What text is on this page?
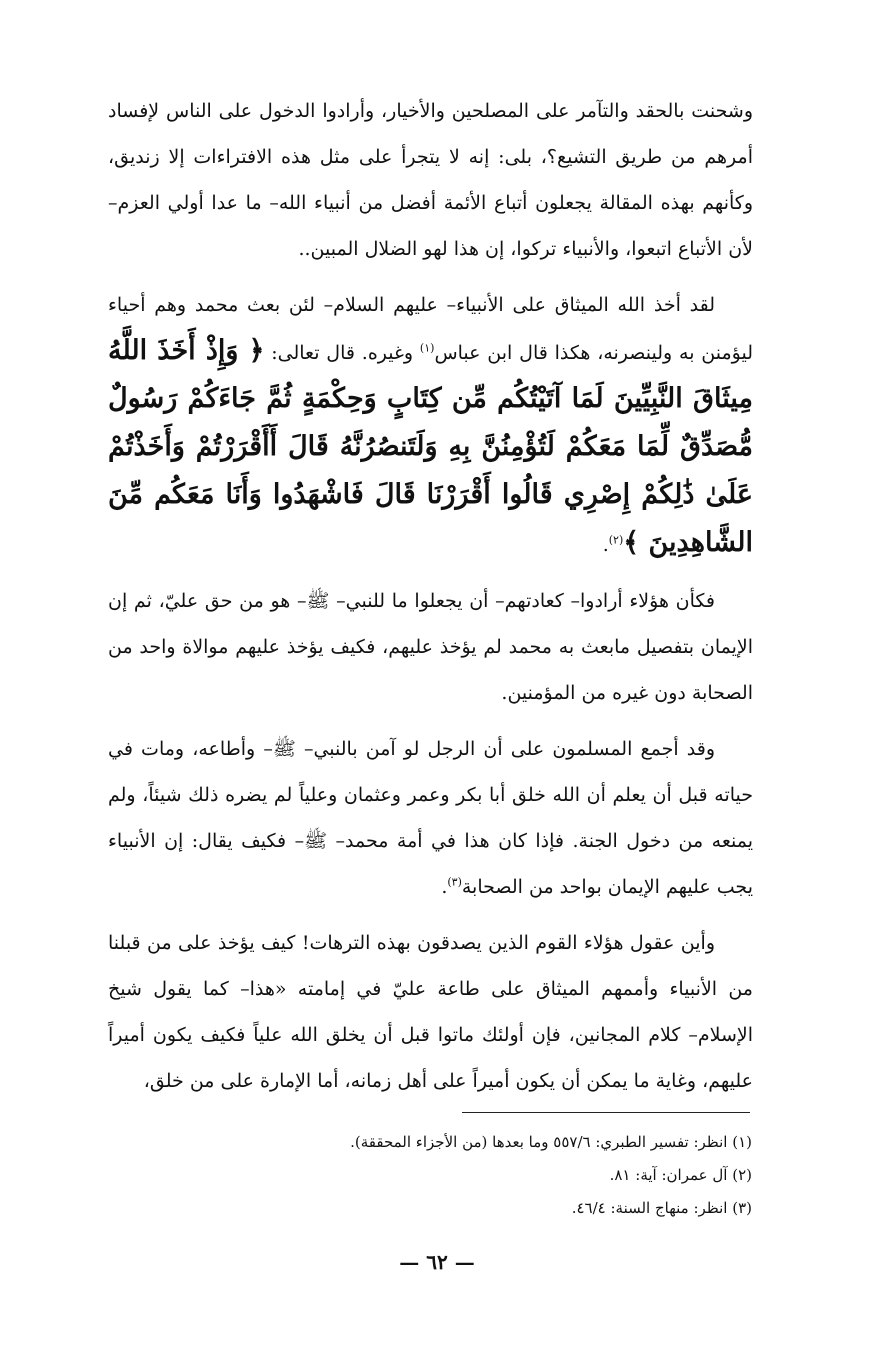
وشحنت بالحقد والتآمر على المصلحين والأخيار، وأرادوا الدخول على الناس لإفساد أمرهم من طريق التشيع؟، بلى: إنه لا يتجرأ على مثل هذه الافتراءات إلا زنديق، وكأنهم بهذه المقالة يجعلون أتباع الأئمة أفضل من أنبياء الله– ما عدا أولي العزم– لأن الأتباع اتبعوا، والأنبياء تركوا، إن هذا لهو الضلال المبين..

لقد أخذ الله الميثاق على الأنبياء– عليهم السلام– لئن بعث محمد وهم أحياء ليؤمنن به ولينصرنه، هكذا قال ابن عباس$^{(١)}$ وغيره. قال تعالى: ﴿ وَإِذْ أَخَذَ اللَّهُ مِيثَاقَ النَّبِيِّينَ لَمَا آتَيْتُكُم مِّن كِتَابٍ وَحِكْمَةٍ ثُمَّ جَاءَكُمْ رَسُولٌ مُّصَدِّقٌ لِّمَا مَعَكُمْ لَتُؤْمِنُنَّ بِهِ وَلَتَنصُرُنَّهُ قَالَ أَأَقْرَرْتُمْ وَأَخَذْتُمْ عَلَىٰ ذَٰلِكُمْ إِصْرِي قَالُوا أَقْرَرْنَا قَالَ فَاشْهَدُوا وَأَنَا مَعَكُم مِّنَ الشَّاهِدِينَ ﴾$^{(٢)}$.

فكأن هؤلاء أرادوا– كعادتهم– أن يجعلوا ما للنبي– ﷺ– هو من حق عليّ، ثم إن الإيمان بتفصيل مابعث به محمد لم يؤخذ عليهم، فكيف يؤخذ عليهم موالاة واحد من الصحابة دون غيره من المؤمنين.

وقد أجمع المسلمون على أن الرجل لو آمن بالنبي– ﷺ– وأطاعه، ومات في حياته قبل أن يعلم أن الله خلق أبا بكر وعمر وعثمان وعلياً لم يضره ذلك شيئاً، ولم يمنعه من دخول الجنة. فإذا كان هذا في أمة محمد– ﷺ– فكيف يقال: إن الأنبياء يجب عليهم الإيمان بواحد من الصحابة$^{(٣)}$.

وأين عقول هؤلاء القوم الذين يصدقون بهذه الترهات! كيف يؤخذ على من قبلنا من الأنبياء وأممهم الميثاق على طاعة عليّ في إمامته «هذا– كما يقول شيخ الإسلام– كلام المجانين، فإن أولئك ماتوا قبل أن يخلق الله علياً فكيف يكون أميراً عليهم، وغاية ما يمكن أن يكون أميراً على أهل زمانه، أما الإمارة على من خلق،

(١) انظر: تفسير الطبري: ٥٥٧/٦ وما بعدها (من الأجزاء المحققة).
(٢) آل عمران: آية: ٨١.
(٣) انظر: منهاج السنة: ٤٦/٤.
— ٦٢ —
